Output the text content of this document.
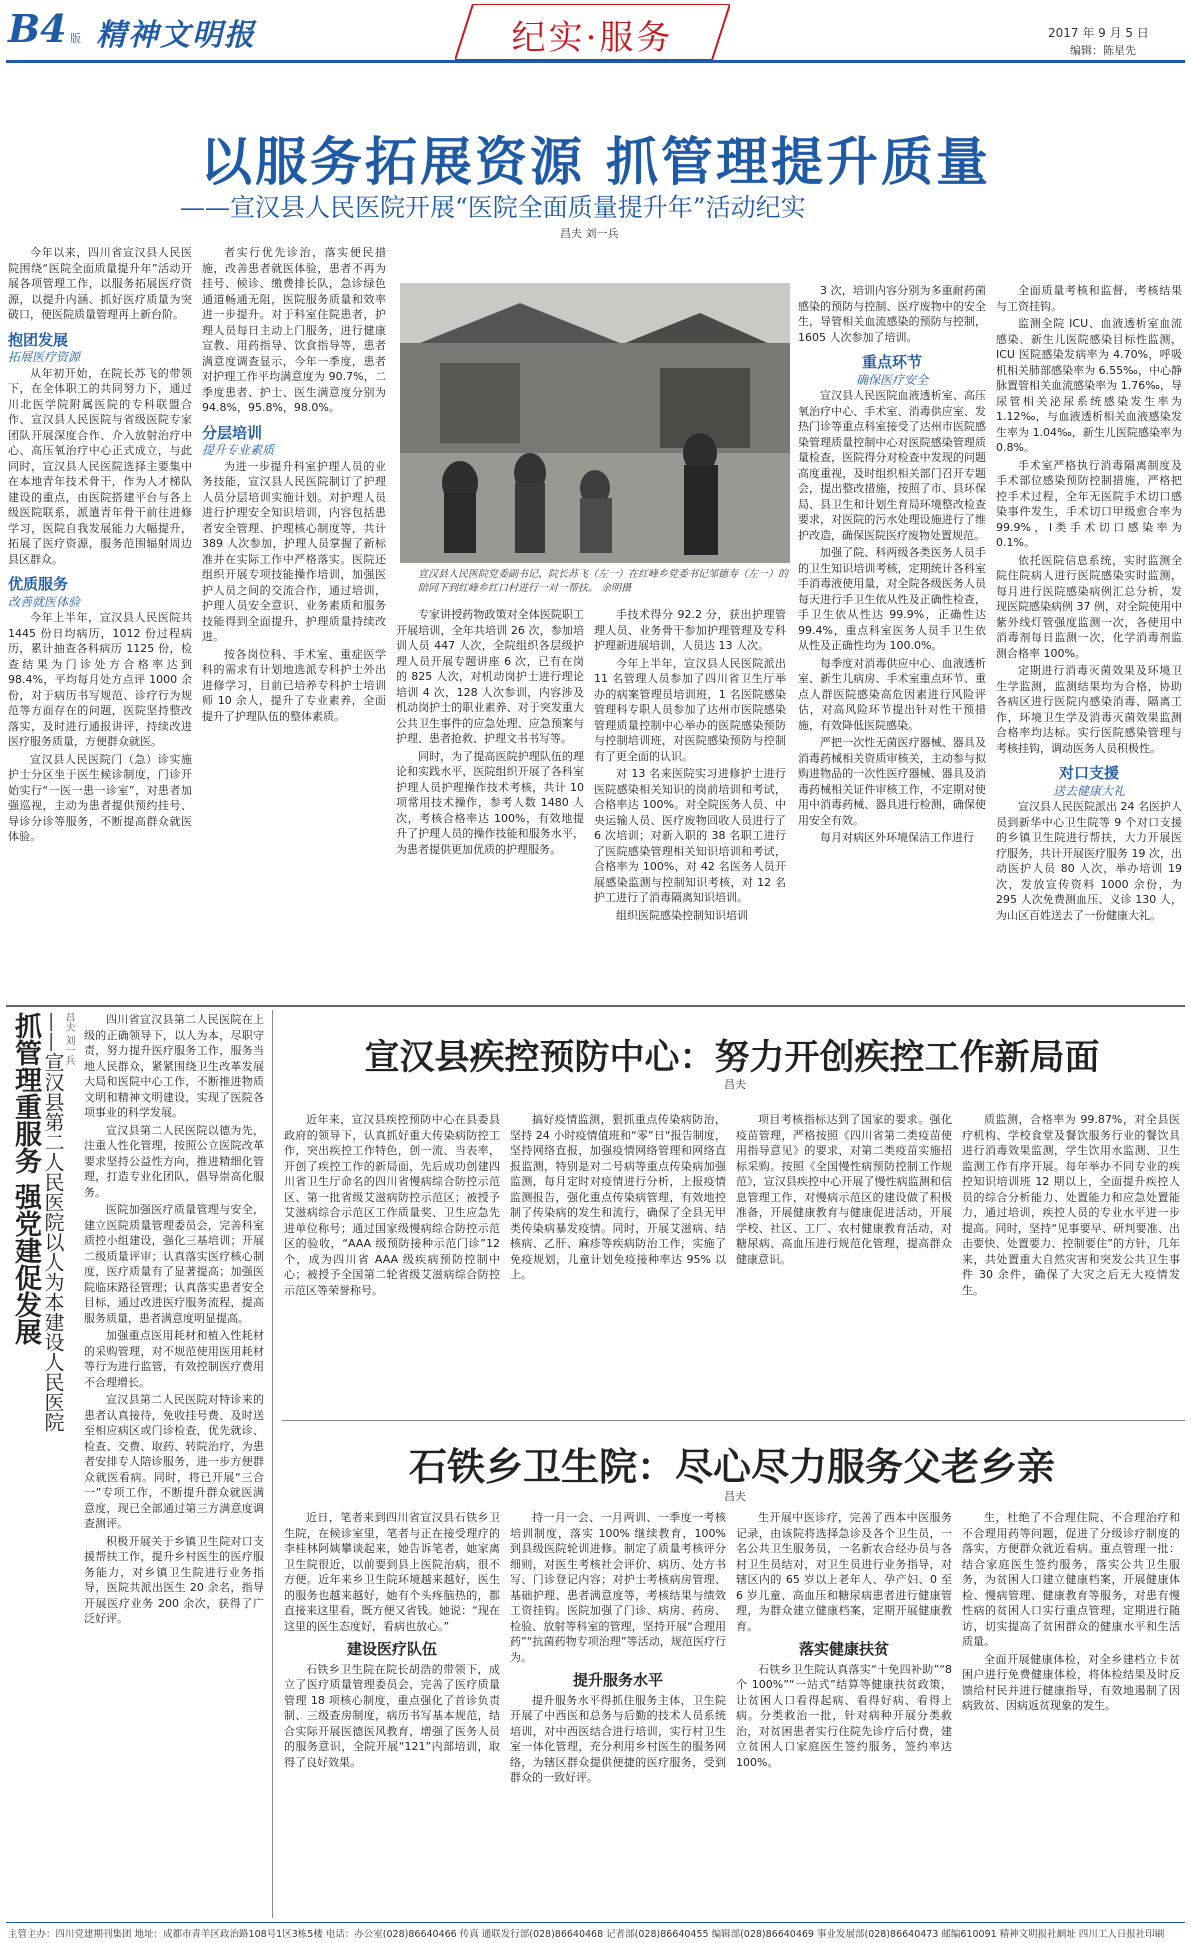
B4 版 精神文明报	纪实·服务	2017 年 9 月 5 日
编辑：陈星先
以服务拓展资源 抓管理提升质量
——宣汉县人民医院开展“医院全面质量提升年”活动纪实
昌夫 刘一兵

今年以来，四川省宣汉县人民医院围绕“医院全面质量提升年”活动开展各项管理工作，以服务拓展医疗资源，以提升内涵、抓好医疗质量为突破口，使医院质量管理再上新台阶。

抱团发展
拓展医疗资源

从年初开始，在院长苏飞的带领下，在全体职工的共同努力下，通过川北医学院附属医院的专科联盟合作、宣汉县人民医院与省级医院专家团队开展深度合作、介入放射治疗中心、高压氧治疗中心正式成立，与此同时，宣汉县人民医院选择主要集中在本地青年技术骨干，作为人才梯队建设的重点，由医院搭建平台与各上级医院联系，派遣青年骨干前往进修学习，医院自我发展能力大幅提升，拓展了医疗资源，服务范围辐射周边县区群众。

优质服务
改善就医体验

今年上半年，宣汉县人民医院共 1445 份日均病历，1012 份过程病历，累计抽查各科病历 1125 份，检查结果为门诊处方合格率达到 98.4%，平均每月处方点评 1000 余份，对于病历书写规范、诊疗行为规范等方面存在的问题，医院坚持整改落实，及时进行通报讲评，持续改进医疗服务质量，方便群众就医。

宣汉县人民医院门（急）诊实施护士分区坐于医生候诊制度，门诊开始实行“一医一患一诊室”，对患者加强巡视，主动为患者提供预约挂号、导诊分诊等服务，不断提高群众就医体验。

者实行优先诊治，落实便民措施，改善患者就医体验，患者不再为挂号、候诊、缴费排长队，急诊绿色通道畅通无阻，医院服务质量和效率进一步提升。对于科室住院患者，护理人员每日主动上门服务，进行健康宣教、用药指导、饮食指导等，患者满意度调查显示，今年一季度，患者对护理工作平均满意度为 90.7%，二季度患者、护士、医生满意度分别为 94.8%，95.8%，98.0%。

分层培训
提升专业素质

为进一步提升科室护理人员的业务技能，宣汉县人民医院制订了护理人员分层培训实施计划。对护理人员进行护理安全知识培训，内容包括患者安全管理、护理核心制度等，共计 389 人次参加，护理人员掌握了新标准并在实际工作中严格落实。医院还组织开展专项技能操作培训，加强医护人员之间的交流合作，通过培训，护理人员安全意识、业务素质和服务技能得到全面提升，护理质量持续改进。

按各岗位科、手术室、重症医学科的需求有计划地选派专科护士外出进修学习，目前已培养专科护士培训师 10 余人，提升了专业素养，全面提升了护理队伍的整体素质。

宣汉县人民医院党委副书记、院长苏飞（左一）在红峰乡党委书记邹德寿（左一）的陪同下到红峰乡红口村进行一对一帮扶。 余明摄

专家讲授药物政策对全体医院职工开展培训，全年共培训 26 次，参加培训人员 447 人次，全院组织各层级护理人员开展专题讲座 6 次，已有在岗的 825 人次，对机动岗护士进行理论培训 4 次，128 人次参训，内容涉及机动岗护士的职业素养、对于突发重大公共卫生事件的应急处理、应急预案与护理、患者抢救、护理文书书写等。

同时，为了提高医院护理队伍的理论和实践水平，医院组织开展了各科室护理人员护理操作技术考核，共计 10 项常用技术操作，参考人数 1480 人次，考核合格率达 100%，有效地提升了护理人员的操作技能和服务水平，为患者提供更加优质的护理服务。

手技术得分 92.2 分，获出护理管理人员、业务骨干参加护理管理及专科护理新进展培训，人员达 13 人次。

今年上半年，宣汉县人民医院派出 11 名管理人员参加了四川省卫生厅举办的病案管理员培训班，1 名医院感染管理科专职人员参加了达州市医院感染管理质量控制中心举办的医院感染预防与控制培训班，对医院感染预防与控制有了更全面的认识。

对 13 名来医院实习进修护士进行医院感染相关知识的岗前培训和考试，合格率达 100%。对全院医务人员、中央运输人员、医疗废物回收人员进行了 6 次培训；对新入职的 38 名职工进行了医院感染管理相关知识培训和考试，合格率为 100%，对 42 名医务人员开展感染监测与控制知识考核，对 12 名护工进行了消毒隔离知识培训。

组织医院感染控制知识培训

3 次，培训内容分别为多重耐药菌感染的预防与控制、医疗废物中的安全生，导管相关血流感染的预防与控制，1605 人次参加了培训。

重点环节
确保医疗安全

宣汉县人民医院血液透析室、高压氧治疗中心、手术室、消毒供应室、发热门诊等重点科室接受了达州市医院感染管理质量控制中心对医院感染管理质量检查，医院得分对检查中发现的问题高度重视，及时组织相关部门召开专题会，提出整改措施，按照了市、县环保局、县卫生和计划生育局环境整改检查要求，对医院的污水处理设施进行了维护改造，确保医院医疗废物处置规范。

加强了院、科两级各类医务人员手的卫生知识培训考核，定期统计各科室手消毒液使用量，对全院各级医务人员每天进行手卫生依从性及正确性检查，手卫生依从性达 99.9%，正确性达 99.4%，重点科室医务人员手卫生依从性及正确性均为 100.0%。

每季度对消毒供应中心、血液透析室、新生儿病房、手术室重点环节、重点人群医院感染高危因素进行风险评估，对高风险环节提出针对性干预措施，有效降低医院感染。

严把一次性无菌医疗器械、器具及消毒药械相关资质审核关，主动参与拟购进物品的一次性医疗器械、器具及消毒药械相关证件审核工作，不定期对使用中消毒药械、器具进行检测，确保使用安全有效。

每月对病区外环境保洁工作进行

全面质量考核和监督，考核结果与工资挂钩。

监测全院 ICU、血液透析室血流感染、新生儿医院感染目标性监测，ICU 医院感染发病率为 4.70%，呼吸机相关肺部感染率为 6.55‰，中心静脉置管相关血流感染率为 1.76‰，导尿管相关泌尿系统感染发生率为 1.12‰，与血液透析相关血液感染发生率为 1.04‰，新生儿医院感染率为 0.8%。

手术室严格执行消毒隔离制度及手术部位感染预防控制措施，严格把控手术过程，全年无医院手术切口感染事件发生，手术切口甲级愈合率为 99.9%，Ⅰ类手术切口感染率为 0.1%。

依托医院信息系统，实时监测全院住院病人进行医院感染实时监测，每月进行医院感染病例汇总分析，发现医院感染病例 37 例，对全院使用中紫外线灯管强度监测一次，各使用中消毒剂每日监测一次，化学消毒剂监测合格率 100%。

定期进行消毒灭菌效果及环境卫生学监测，监测结果均为合格，协助各病区进行医院内感染消毒、隔离工作，环境卫生学及消毒灭菌效果监测合格率均达标。实行医院感染管理与考核挂钩，调动医务人员积极性。

对口支援
送去健康大礼

宣汉县人民医院派出 24 名医护人员到新华中心卫生院等 9 个对口支援的乡镇卫生院进行帮扶，大力开展医疗服务，共计开展医疗服务 19 次，出动医护人员 80 人次，举办培训 19 次，发放宣传资料 1000 余份，为 295 人次免费测血压、义诊 130 人，为山区百姓送去了一份健康大礼。

抓管理重服务 强党建促发展 ——宣汉县第二人民医院以人为本建设人民医院
昌夫 刘一兵	四川省宣汉县第二人民医院在上级的正确领导下，以人为本，尽职守责，努力提升医疗服务工作，服务当地人民群众，紧紧围绕卫生改革发展大局和医院中心工作，不断推进物质文明和精神文明建设，实现了医院各项事业的科学发展。

宣汉县第二人民医院以德为先，注重人性化管理，按照公立医院改革要求坚持公益性方向，推进精细化管理，打造专业化团队，倡导崇高化服务。

医院加强医疗质量管理与安全，建立医院质量管理委员会，完善科室质控小组建设，强化三基培训；开展二级质量评审；认真落实医疗核心制度，医疗质量有了显著提高；加强医院临床路径管理；认真落实患者安全目标，通过改进医疗服务流程，提高服务质量，患者满意度明显提高。

加强重点医用耗材和植入性耗材的采购管理，对不规范使用医用耗材等行为进行监管，有效控制医疗费用不合理增长。

宣汉县第二人民医院对特诊来的患者认真接待，免收挂号费、及时送至相应病区或门诊检查，优先就诊、检查、交费、取药、转院治疗，为患者安排专人陪诊服务，进一步方便群众就医看病。同时，将已开展“三合一”专项工作，不断提升群众就医满意度，现已全部通过第三方满意度调查测评。

积极开展关于乡镇卫生院对口支援帮扶工作，提升乡村医生的医疗服务能力，对乡镇卫生院进行业务指导，医院共派出医生 20 余名，指导开展医疗业务 200 余次，获得了广泛好评。

宣汉县疾控预防中心：努力开创疾控工作新局面
昌夫

近年来，宣汉县疾控预防中心在县委县政府的领导下，认真抓好重大传染病防控工作，突出疾控工作特色，创一流、当表率，开创了疾控工作的新局面，先后成功创建四川省卫生厅命名的四川省慢病综合防控示范区、第一批省级艾滋病防控示范区；被授予艾滋病综合示范区工作质量奖、卫生应急先进单位称号；通过国家级慢病综合防控示范区的验收，“AAA 级预防接种示范门诊”12 个，成为四川省 AAA 级疾病预防控制中心；被授予全国第二轮省级艾滋病综合防控示范区等荣誉称号。

搞好疫情监测，狠抓重点传染病防治，坚持 24 小时疫情值班和“零”日“报告制度，坚持网络直报，加强疫情网络管理和网络直报监测，特别是对二号病等重点传染病加强监测，每月定时对疫情进行分析，上报疫情监测报告，强化重点传染病管理，有效地控制了传染病的发生和流行，确保了全县无甲类传染病暴发疫情。同时，开展艾滋病、结核病、乙肝、麻疹等疾病防治工作，实施了免疫规划，儿童计划免疫接种率达 95% 以上。

项目考核指标达到了国家的要求。强化疫苗管理，严格按照《四川省第二类疫苗使用指导意见》的要求，对第二类疫苗实施招标采购。按照《全国慢性病预防控制工作规范》，宣汉县疾控中心开展了慢性病监测和信息管理工作，对慢病示范区的建设做了积极准备，开展健康教育与健康促进活动，开展学校、社区、工厂、农村健康教育活动，对糖尿病、高血压进行规范化管理，提高群众健康意识。

质监测，合格率为 99.87%，对全县医疗机构、学校食堂及餐饮服务行业的餐饮具进行消毒效果监测，学生饮用水监测、卫生监测工作有序开展。每年举办不同专业的疾控知识培训班 12 期以上，全面提升疾控人员的综合分析能力、处置能力和应急处置能力，通过培训，疾控人员的专业水平进一步提高。同时，坚持“见事要早、研判要准、出击要快、处置要力、控制要住”的方针，几年来，共处置重大自然灾害和突发公共卫生事件 30 余件，确保了大灾之后无大疫情发生。

石铁乡卫生院：尽心尽力服务父老乡亲
昌夫

近日，笔者来到四川省宣汉县石铁乡卫生院，在候诊室里，笔者与正在接受理疗的李桂林阿姨攀谈起来，她告诉笔者，她家离卫生院很近，以前要到县上医院治病，很不方便。近年来乡卫生院环境越来越好，医生的服务也越来越好，她有个头疼脑热的，都直接来这里看，既方便又省钱。她说：“现在这里的医生态度好，看病也放心。”

建设医疗队伍

石铁乡卫生院在院长胡浩的带领下，成立了医疗质量管理委员会，完善了医疗质量管理 18 项核心制度，重点强化了首诊负责制、三级查房制度，病历书写基本规范，结合实际开展医德医风教育，增强了医务人员的服务意识，全院开展“121”内部培训，取得了良好效果。

持一月一会、一月两训、一季度一考核培训制度，落实 100% 继续教育，100% 到县级医院轮训进修。制定了质量考核评分细则，对医生考核社会评价、病历、处方书写、门诊登记内容；对护士考核病房管理、基础护理、患者满意度等，考核结果与绩效工资挂钩。医院加强了门诊、病房、药房、检验、放射等科室的管理，坚持开展“合理用药”“抗菌药物专项治理”等活动，规范医疗行为。

提升服务水平

提升服务水平得抓住服务主体，卫生院开展了中西医和总务与后勤的技术人员系统培训，对中西医结合进行培训，实行村卫生室一体化管理，充分利用乡村医生的服务网络，为辖区群众提供便捷的医疗服务，受到群众的一致好评。

生开展中医诊疗，完善了西本中医服务记录，由该院将选择急诊及各个卫生员，一名公共卫生服务员，一名新农合经办员与各村卫生员结对，对卫生员进行业务指导，对辖区内的 65 岁以上老年人、孕产妇、0 至 6 岁儿童、高血压和糖尿病患者进行健康管理，为群众建立健康档案，定期开展健康教育。

落实健康扶贫

石铁乡卫生院认真落实“十免四补助”“8 个 100%”“一站式”结算等健康扶贫政策，让贫困人口看得起病、看得好病、看得上病。分类救治一批，针对病种开展分类救治，对贫困患者实行住院先诊疗后付费，建立贫困人口家庭医生签约服务，签约率达 100%。

生，杜绝了不合理住院、不合理治疗和不合理用药等问题，促进了分级诊疗制度的落实，方便群众就近看病。重点管理一批：结合家庭医生签约服务，落实公共卫生服务，为贫困人口建立健康档案，开展健康体检、慢病管理、健康教育等服务，对患有慢性病的贫困人口实行重点管理，定期进行随访，切实提高了贫困群众的健康水平和生活质量。

全面开展健康体检，对全乡建档立卡贫困户进行免费健康体检，将体检结果及时反馈给村民并进行健康指导，有效地遏制了因病致贫、因病返贫现象的发生。

主管主办：四川党建期刊集团 地址：成都市青羊区政治路108号1区3栋5楼 电话：办公室(028)86640466 传真 通联发行部(028)86640468 记者部(028)86640455 编辑部(028)86640469 事业发展部(028)86640473 邮编610091 精神文明报社網址 四川工人日报社印刷
